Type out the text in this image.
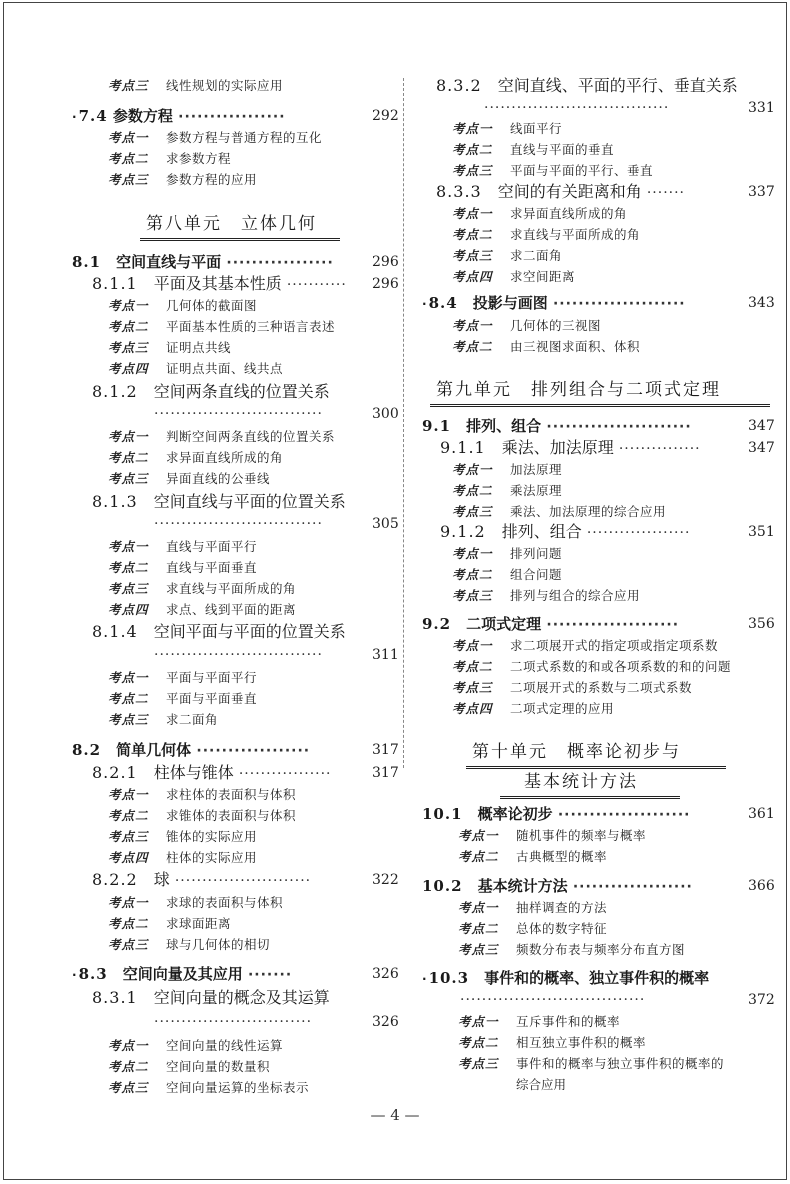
考点三 线性规划的实际应用
· 7.4 参数方程 ·················	292
考点一 参数方程与普通方程的互化
考点二 求参数方程
考点三 参数方程的应用
第八单元　立体几何
8.1　 空间直线与平面 ·················	296
8.1.1　 平面及其基本性质 ··········· 296
考点一 几何体的截面图
考点二 平面基本性质的三种语言表述
考点三 证明点共线
考点四 证明点共面、线共点
8.1.2　 空间两条直线的位置关系
·······························	300
考点一 判断空间两条直线的位置关系
考点二 求异面直线所成的角
考点三 异面直线的公垂线
8.1.3　 空间直线与平面的位置关系
·······························	305
考点一 直线与平面平行
考点二 直线与平面垂直
考点三 求直线与平面所成的角
考点四 求点、线到平面的距离
8.1.4　 空间平面与平面的位置关系
·······························	311
考点一 平面与平面平行
考点二 平面与平面垂直
考点三 求二面角
8.2　 简单几何体 ··················	317
8.2.1　 柱体与锥体 ·················	317
考点一 求柱体的表面积与体积
考点二 求锥体的表面积与体积
考点三 锥体的实际应用
考点四 柱体的实际应用
8.2.2　 球 ·························	322
考点一 求球的表面积与体积
考点二 求球面距离
考点三 球与几何体的相切
· 8.3　 空间向量及其应用 ·······	326
8.3.1　 空间向量的概念及其运算
·····························	326
考点一 空间向量的线性运算
考点二 空间向量的数量积
考点三 空间向量运算的坐标表示
8.3.2　 空间直线、平面的平行、垂直关系
··································	331
考点一 线面平行
考点二 直线与平面的垂直
考点三 平面与平面的平行、垂直
8.3.3　 空间的有关距离和角 ·······	337
考点一 求异面直线所成的角
考点二 求直线与平面所成的角
考点三 求二面角
考点四 求空间距离
· 8.4　 投影与画图 ·····················	343
考点一 几何体的三视图
考点二 由三视图求面积、体积
第九单元　排列组合与二项式定理
9.1　 排列、组合 ·······················	347
9.1.1　 乘法、加法原理 ···············	347
考点一 加法原理
考点二 乘法原理
考点三 乘法、加法原理的综合应用
9.1.2　 排列、组合 ···················	351
考点一 排列问题
考点二 组合问题
考点三 排列与组合的综合应用
9.2　 二项式定理 ·····················	356
考点一 求二项展开式的指定项或指定项系数
考点二 二项式系数的和或各项系数的和的问题
考点三 二项展开式的系数与二项式系数
考点四 二项式定理的应用
第十单元　概率论初步与
基本统计方法
10.1　 概率论初步 ·····················	361
考点一 随机事件的频率与概率
考点二 古典概型的概率
10.2　 基本统计方法 ···················	366
考点一 抽样调查的方法
考点二 总体的数字特征
考点三 频数分布表与频率分布直方图
· 10.3　 事件和的概率、独立事件积的概率
··································	372
考点一 互斥事件和的概率
考点二 相互独立事件积的概率
考点三 事件和的概率与独立事件积的概率的
综合应用
— 4 —
